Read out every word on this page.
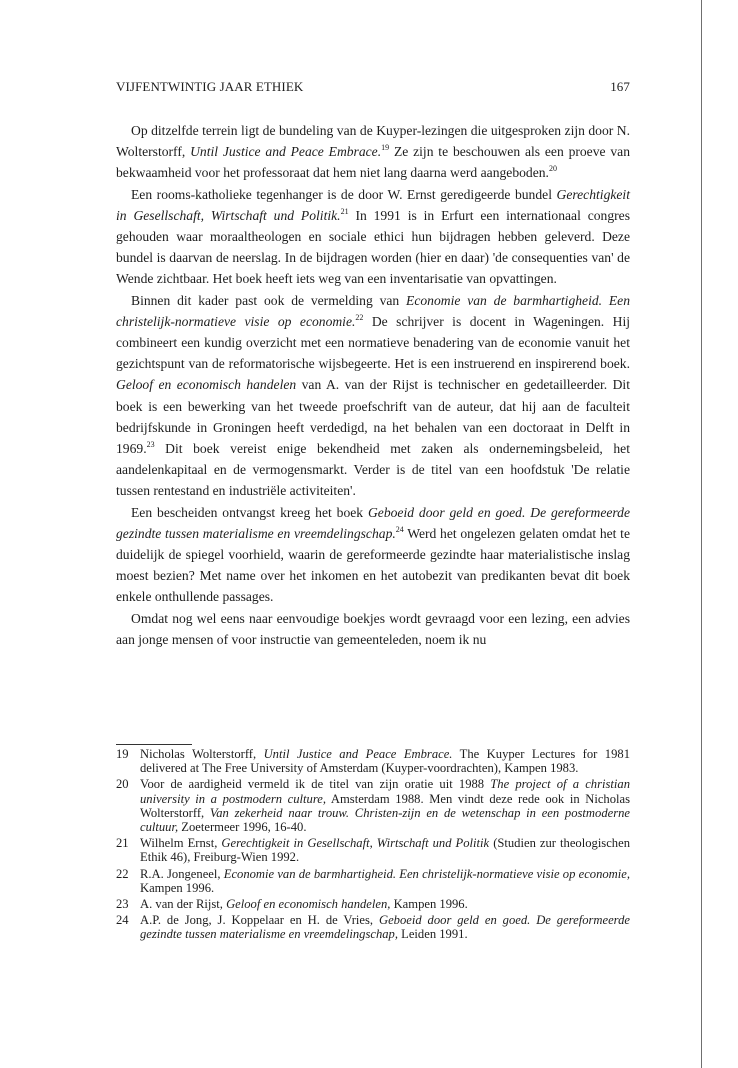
VIJFENTWINTIG JAAR ETHIEK	167

Op ditzelfde terrein ligt de bundeling van de Kuyper-lezingen die uitgesproken zijn door N. Wolterstorff, Until Justice and Peace Embrace.$^{19}$ Ze zijn te beschouwen als een proeve van bekwaamheid voor het professoraat dat hem niet lang daarna werd aangeboden.$^{20}$

Een rooms-katholieke tegenhanger is de door W. Ernst geredigeerde bundel Gerechtigkeit in Gesellschaft, Wirtschaft und Politik.$^{21}$ In 1991 is in Erfurt een internationaal congres gehouden waar moraaltheologen en sociale ethici hun bijdragen hebben geleverd. Deze bundel is daarvan de neerslag. In de bijdragen worden (hier en daar) 'de consequenties van' de Wende zichtbaar. Het boek heeft iets weg van een inventarisatie van opvattingen.

Binnen dit kader past ook de vermelding van Economie van de barmhartigheid. Een christelijk-normatieve visie op economie.$^{22}$ De schrijver is docent in Wageningen. Hij combineert een kundig overzicht met een normatieve benadering van de economie vanuit het gezichtspunt van de reformatorische wijsbegeerte. Het is een instruerend en inspirerend boek. Geloof en economisch handelen van A. van der Rijst is technischer en gedetailleerder. Dit boek is een bewerking van het tweede proefschrift van de auteur, dat hij aan de faculteit bedrijfskunde in Groningen heeft verdedigd, na het behalen van een doctoraat in Delft in 1969.23 Dit boek vereist enige bekendheid met zaken als ondernemingsbeleid, het aandelenkapitaal en de vermogensmarkt. Verder is de titel van een hoofdstuk 'De relatie tussen rentestand en industriële activiteiten'.

Een bescheiden ontvangst kreeg het boek Geboeid door geld en goed. De gereformeerde gezindte tussen materialisme en vreemdelingschap.$^{24}$ Werd het ongelezen gelaten omdat het te duidelijk de spiegel voorhield, waarin de gereformeerde gezindte haar materialistische inslag moest bezien? Met name over het inkomen en het autobezit van predikanten bevat dit boek enkele onthullende passages.

Omdat nog wel eens naar eenvoudige boekjes wordt gevraagd voor een lezing, een advies aan jonge mensen of voor instructie van gemeenteleden, noem ik nu

19 Nicholas Wolterstorff, Until Justice and Peace Embrace. The Kuyper Lectures for 1981 delivered at The Free University of Amsterdam (Kuyper-voordrachten), Kampen 1983.
20 Voor de aardigheid vermeld ik de titel van zijn oratie uit 1988 The project of a christian university in a postmodern culture, Amsterdam 1988. Men vindt deze rede ook in Nicholas Wolterstorff, Van zekerheid naar trouw. Christen-zijn en de wetenschap in een postmoderne cultuur, Zoetermeer 1996, 16-40.
21 Wilhelm Ernst, Gerechtigkeit in Gesellschaft, Wirtschaft und Politik (Studien zur theologischen Ethik 46), Freiburg-Wien 1992.
22 R.A. Jongeneel, Economie van de barmhartigheid. Een christelijk-normatieve visie op economie, Kampen 1996.
23 A. van der Rijst, Geloof en economisch handelen, Kampen 1996.
24 A.P. de Jong, J. Koppelaar en H. de Vries, Geboeid door geld en goed. De gereformeerde gezindte tussen materialisme en vreemdelingschap, Leiden 1991.
